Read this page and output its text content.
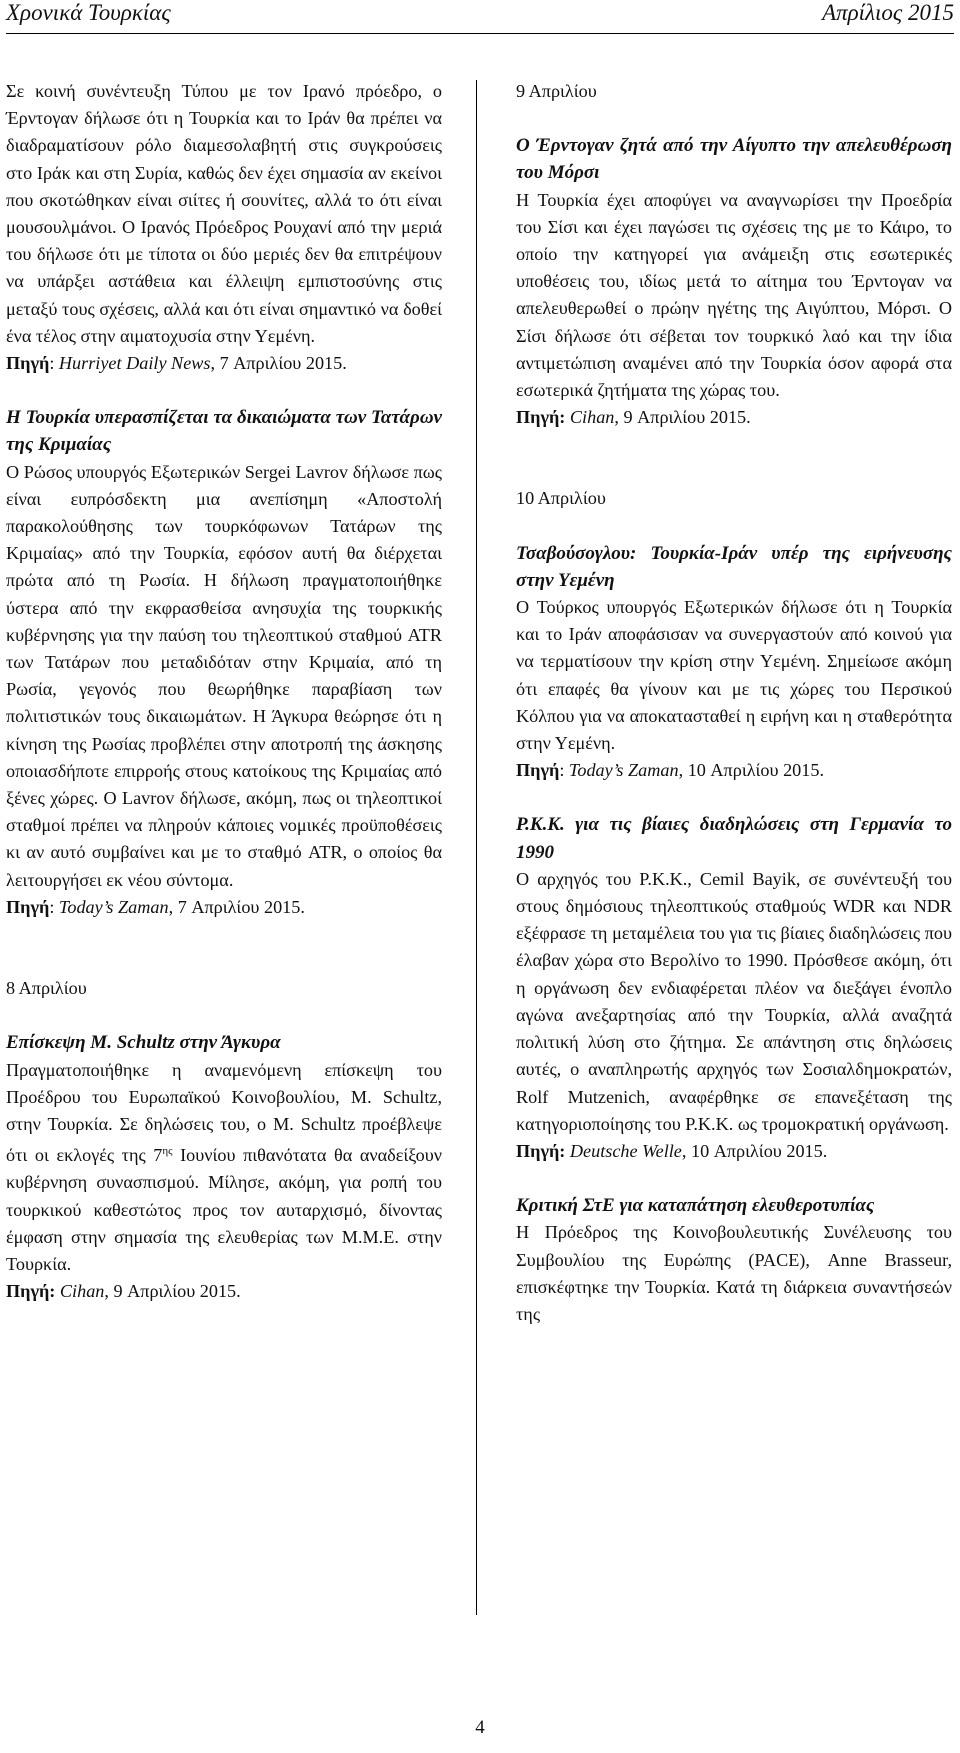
Χρονικά Τουρκίας	Απρίλιος 2015

Σε κοινή συνέντευξη Τύπου με τον Ιρανό πρόεδρο, ο Έρντογαν δήλωσε ότι η Τουρκία και το Ιράν θα πρέπει να διαδραματίσουν ρόλο διαμεσολαβητή στις συγκρούσεις στο Ιράκ και στη Συρία, καθώς δεν έχει σημασία αν εκείνοι που σκοτώθηκαν είναι σιίτες ή σουνίτες, αλλά το ότι είναι μουσουλμάνοι. Ο Ιρανός Πρόεδρος Ρουχανί από την μεριά του δήλωσε ότι με τίποτα οι δύο μεριές δεν θα επιτρέψουν να υπάρξει αστάθεια και έλλειψη εμπιστοσύνης στις μεταξύ τους σχέσεις, αλλά και ότι είναι σημαντικό να δοθεί ένα τέλος στην αιματοχυσία στην Υεμένη.

Πηγή: Hurriyet Daily News, 7 Απριλίου 2015.

Η Τουρκία υπερασπίζεται τα δικαιώματα των Τατάρων της Κριμαίας

Ο Ρώσος υπουργός Εξωτερικών Sergei Lavrov δήλωσε πως είναι ευπρόσδεκτη μια ανεπίσημη «Αποστολή παρακολούθησης των τουρκόφωνων Τατάρων της Κριμαίας» από την Τουρκία, εφόσον αυτή θα διέρχεται πρώτα από τη Ρωσία. Η δήλωση πραγματοποιήθηκε ύστερα από την εκφρασθείσα ανησυχία της τουρκικής κυβέρνησης για την παύση του τηλεοπτικού σταθμού ATR των Τατάρων που μεταδιδόταν στην Κριμαία, από τη Ρωσία, γεγονός που θεωρήθηκε παραβίαση των πολιτιστικών τους δικαιωμάτων. Η Άγκυρα θεώρησε ότι η κίνηση της Ρωσίας προβλέπει στην αποτροπή της άσκησης οποιασδήποτε επιρροής στους κατοίκους της Κριμαίας από ξένες χώρες. Ο Lavrov δήλωσε, ακόμη, πως οι τηλεοπτικοί σταθμοί πρέπει να πληρούν κάποιες νομικές προϋποθέσεις κι αν αυτό συμβαίνει και με το σταθμό ATR, ο οποίος θα λειτουργήσει εκ νέου σύντομα.

Πηγή: Today’s Zaman, 7 Απριλίου 2015.

8 Απριλίου

Επίσκεψη M. Schultz στην Άγκυρα

Πραγματοποιήθηκε η αναμενόμενη επίσκεψη του Προέδρου του Ευρωπαϊκού Κοινοβουλίου, M. Schultz, στην Τουρκία. Σε δηλώσεις του, ο M. Schultz προέβλεψε ότι οι εκλογές της $7^{\eta\varsigma}$ Ιουνίου πιθανότατα θα αναδείξουν κυβέρνηση συνασπισμού. Μίλησε, ακόμη, για ροπή του τουρκικού καθεστώτος προς τον αυταρχισμό, δίνοντας έμφαση στην σημασία της ελευθερίας των Μ.Μ.Ε. στην Τουρκία.

Πηγή: Cihan, 9 Απριλίου 2015.

9 Απριλίου

Ο Έρντογαν ζητά από την Αίγυπτο την απελευθέρωση του Μόρσι

Η Τουρκία έχει αποφύγει να αναγνωρίσει την Προεδρία του Σίσι και έχει παγώσει τις σχέσεις της με το Κάιρο, το οποίο την κατηγορεί για ανάμειξη στις εσωτερικές υποθέσεις του, ιδίως μετά το αίτημα του Έρντογαν να απελευθερωθεί ο πρώην ηγέτης της Αιγύπτου, Μόρσι. Ο Σίσι δήλωσε ότι σέβεται τον τουρκικό λαό και την ίδια αντιμετώπιση αναμένει από την Τουρκία όσον αφορά στα εσωτερικά ζητήματα της χώρας του.

Πηγή: Cihan, 9 Απριλίου 2015.

10 Απριλίου

Τσαβούσογλου: Τουρκία-Ιράν υπέρ της ειρήνευσης στην Υεμένη

Ο Τούρκος υπουργός Εξωτερικών δήλωσε ότι η Τουρκία και το Ιράν αποφάσισαν να συνεργαστούν από κοινού για να τερματίσουν την κρίση στην Υεμένη. Σημείωσε ακόμη ότι επαφές θα γίνουν και με τις χώρες του Περσικού Κόλπου για να αποκατασταθεί η ειρήνη και η σταθερότητα στην Υεμένη.

Πηγή: Today’s Zaman, 10 Απριλίου 2015.

Ρ.Κ.Κ. για τις βίαιες διαδηλώσεις στη Γερμανία το 1990

Ο αρχηγός του Ρ.Κ.Κ., Cemil Bayik, σε συνέντευξή του στους δημόσιους τηλεοπτικούς σταθμούς WDR και NDR εξέφρασε τη μεταμέλεια του για τις βίαιες διαδηλώσεις που έλαβαν χώρα στο Βερολίνο το 1990. Πρόσθεσε ακόμη, ότι η οργάνωση δεν ενδιαφέρεται πλέον να διεξάγει ένοπλο αγώνα ανεξαρτησίας από την Τουρκία, αλλά αναζητά πολιτική λύση στο ζήτημα. Σε απάντηση στις δηλώσεις αυτές, ο αναπληρωτής αρχηγός των Σοσιαλδημοκρατών, Rolf Mutzenich, αναφέρθηκε σε επανεξέταση της κατηγοριοποίησης του Ρ.Κ.Κ. ως τρομοκρατική οργάνωση.

Πηγή: Deutsche Welle, 10 Απριλίου 2015.

Κριτική ΣτΕ για καταπάτηση ελευθεροτυπίας

Η Πρόεδρος της Κοινοβουλευτικής Συνέλευσης του Συμβουλίου της Ευρώπης (PACE), Anne Brasseur, επισκέφτηκε την Τουρκία. Κατά τη διάρκεια συναντήσεών της

4
